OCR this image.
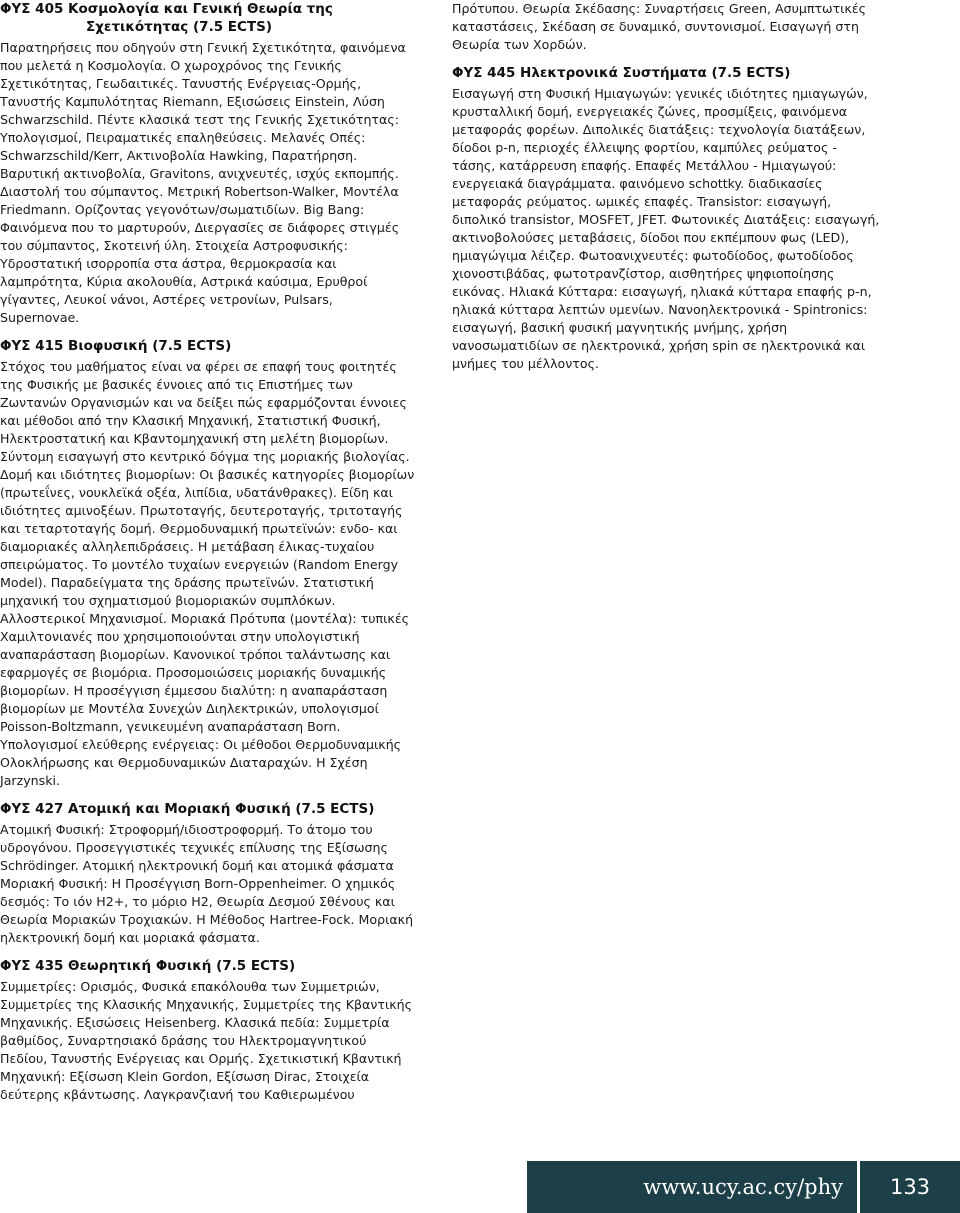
ΦΥΣ 405 Κοσμολογία και Γενική Θεωρία της
Σχετικότητας (7.5 ECTS)

Παρατηρήσεις που οδηγούν στη Γενική Σχετικότητα, φαινόμενα που μελετά η Κοσμολογία. Ο χωροχρόνος της Γενικής Σχετικότητας, Γεωδαιτικές. Τανυστής Ενέργειας-Ορμής, Τανυστής Καμπυλότητας Riemann, Εξισώσεις Einstein, Λύση Schwarzschild. Πέντε κλασικά τεστ της Γενικής Σχετικότητας: Υπολογισμοί, Πειραματικές επαληθεύσεις. Μελανές Οπές: Schwarzschild/Kerr, Ακτινοβολία Hawking, Παρατήρηση. Βαρυτική ακτινοβολία, Gravitons, ανιχνευτές, ισχύς εκπομπής. Διαστολή του σύμπαντος. Μετρική Robertson-Walker, Μοντέλα Friedmann. Ορίζοντας γεγονότων/σωματιδίων. Big Bang: Φαινόμενα που το μαρτυρούν, Διεργασίες σε διάφορες στιγμές του σύμπαντος, Σκοτεινή ύλη. Στοιχεία Αστροφυσικής: Υδροστατική ισορροπία στα άστρα, θερμοκρασία και λαμπρότητα, Κύρια ακολουθία, Αστρικά καύσιμα, Ερυθροί γίγαντες, Λευκοί νάνοι, Αστέρες νετρονίων, Pulsars, Supernovae.

ΦΥΣ 415 Βιοφυσική (7.5 ECTS)

Στόχος του μαθήματος είναι να φέρει σε επαφή τους φοιτητές της Φυσικής με βασικές έννοιες από τις Επιστήμες των Ζωντανών Οργανισμών και να δείξει πώς εφαρμόζονται έννοιες και μέθοδοι από την Κλασική Μηχανική, Στατιστική Φυσική, Ηλεκτροστατική και Κβαντομηχανική στη μελέτη βιομορίων. Σύντομη εισαγωγή στο κεντρικό δόγμα της μοριακής βιολογίας. Δομή και ιδιότητες βιομορίων: Οι βασικές κατηγορίες βιομορίων (πρωτεΐνες, νουκλεϊκά οξέα, λιπίδια, υδατάνθρακες). Είδη και ιδιότητες αμινοξέων. Πρωτοταγής, δευτεροταγής, τριτοταγής και τεταρτοταγής δομή. Θερμοδυναμική πρωτεϊνών: ενδο- και διαμοριακές αλληλεπιδράσεις. Η μετάβαση έλικας-τυχαίου σπειρώματος. Το μοντέλο τυχαίων ενεργειών (Random Energy Model). Παραδείγματα της δράσης πρωτεϊνών. Στατιστική μηχανική του σχηματισμού βιομοριακών συμπλόκων. Αλλοστερικοί Μηχανισμοί. Μοριακά Πρότυπα (μοντέλα): τυπικές Χαμιλτονιανές που χρησιμοποιούνται στην υπολογιστική αναπαράσταση βιομορίων. Κανονικοί τρόποι ταλάντωσης και εφαρμογές σε βιομόρια. Προσομοιώσεις μοριακής δυναμικής βιομορίων. Η προσέγγιση έμμεσου διαλύτη: η αναπαράσταση βιομορίων με Μοντέλα Συνεχών Διηλεκτρικών, υπολογισμοί Poisson-Boltzmann, γενικευμένη αναπαράσταση Born. Υπολογισμοί ελεύθερης ενέργειας: Οι μέθοδοι Θερμοδυναμικής Ολοκλήρωσης και Θερμοδυναμικών Διαταραχών. Η Σχέση Jarzynski.

ΦΥΣ 427 Ατομική και Μοριακή Φυσική (7.5 ECTS)

Ατομική Φυσική: Στροφορμή/ιδιοστροφορμή. Το άτομο του υδρογόνου. Προσεγγιστικές τεχνικές επίλυσης της Εξίσωσης Schrödinger. Ατομική ηλεκτρονική δομή και ατομικά φάσματα Μοριακή Φυσική: Η Προσέγγιση Born-Oppenheimer. Ο χημικός δεσμός: Το ιόν H2+, το μόριο H2, Θεωρία Δεσμού Σθένους και Θεωρία Μοριακών Τροχιακών. Η Μέθοδος Hartree-Fock. Μοριακή ηλεκτρονική δομή και μοριακά φάσματα.

ΦΥΣ 435 Θεωρητική Φυσική (7.5 ECTS)

Συμμετρίες: Ορισμός, Φυσικά επακόλουθα των Συμμετριών, Συμμετρίες της Κλασικής Μηχανικής, Συμμετρίες της Κβαντικής Μηχανικής. Εξισώσεις Heisenberg. Κλασικά πεδία: Συμμετρία βαθμίδος, Συναρτησιακό δράσης του Ηλεκτρομαγνητικού Πεδίου, Τανυστής Ενέργειας και Ορμής. Σχετικιστική Κβαντική Μηχανική: Εξίσωση Klein Gordon, Εξίσωση Dirac, Στοιχεία δεύτερης κβάντωσης. Λαγκρανζιανή του Καθιερωμένου

Πρότυπου. Θεωρία Σκέδασης: Συναρτήσεις Green, Ασυμπτωτικές καταστάσεις, Σκέδαση σε δυναμικό, συντονισμοί. Εισαγωγή στη Θεωρία των Χορδών.

ΦΥΣ 445 Ηλεκτρονικά Συστήματα (7.5 ECTS)

Εισαγωγή στη Φυσική Ημιαγωγών: γενικές ιδιότητες ημιαγωγών, κρυσταλλική δομή, ενεργειακές ζώνες, προσμίξεις, φαινόμενα μεταφοράς φορέων. Διπολικές διατάξεις: τεχνολογία διατάξεων, δίοδοι p-n, περιοχές έλλειψης φορτίου, καμπύλες ρεύματος - τάσης, κατάρρευση επαφής. Επαφές Μετάλλου - Ημιαγωγού: ενεργειακά διαγράμματα. φαινόμενο schottky. διαδικασίες μεταφοράς ρεύματος. ωμικές επαφές. Transistor: εισαγωγή, διπολικό transistor, MOSFET, JFET. Φωτονικές Διατάξεις: εισαγωγή, ακτινοβολούσες μεταβάσεις, δίοδοι που εκπέμπουν φως (LED), ημιαγώγιμα λέιζερ. Φωτοανιχνευτές: φωτοδίοδος, φωτοδίοδος χιονοστιβάδας, φωτοτρανζίστορ, αισθητήρες ψηφιοποίησης εικόνας. Ηλιακά Κύτταρα: εισαγωγή, ηλιακά κύτταρα επαφής p-n, ηλιακά κύτταρα λεπτών υμενίων. Νανοηλεκτρονικά - Spintronics: εισαγωγή, βασική φυσική μαγνητικής μνήμης, χρήση νανοσωματιδίων σε ηλεκτρονικά, χρήση spin σε ηλεκτρονικά και μνήμες του μέλλοντος.

www.ucy.ac.cy/phy	133
